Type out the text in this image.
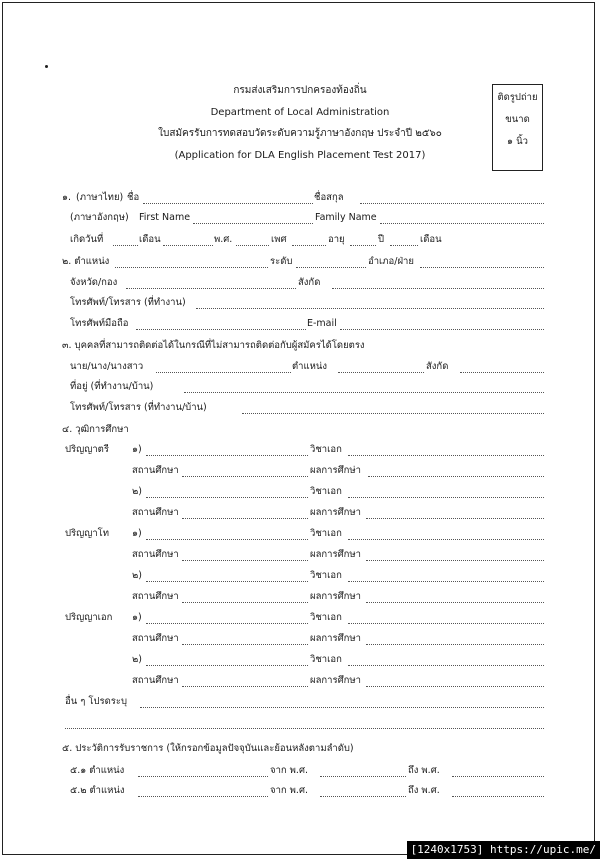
กรมส่งเสริมการปกครองท้องถิ่น
Department of Local Administration
ใบสมัครรับการทดสอบวัดระดับความรู้ภาษาอังกฤษ ประจำปี ๒๕๖๐
(Application for DLA English Placement Test 2017)
ติดรูปถ่าย
ขนาด
๑ นิ้ว
๑. (ภาษาไทย) ชื่อ	ชื่อสกุล
(ภาษาอังกฤษ) First Name	Family Name
เกิดวันที่	เดือน	พ.ศ.	เพศ	อายุ	ปี	เดือน
๒. ตำแหน่ง	ระดับ	อำเภอ/ฝ่าย
จังหวัด/กอง	สังกัด
โทรศัพท์/โทรสาร (ที่ทำงาน)
โทรศัพท์มือถือ	E-mail
๓. บุคคลที่สามารถติดต่อได้ในกรณีที่ไม่สามารถติดต่อกับผู้สมัครได้โดยตรง
นาย/นาง/นางสาว	ตำแหน่ง	สังกัด
ที่อยู่ (ที่ทำงาน/บ้าน)
โทรศัพท์/โทรสาร (ที่ทำงาน/บ้าน)
๔. วุฒิการศึกษา
ปริญญาตรี ๑)	วิชาเอก
สถานศึกษา	ผลการศึกษ่า
๒)	วิชาเอก
สถานศึกษา	ผลการศึกษา
ปริญญาโท ๑)	วิชาเอก
สถานศึกษา	ผลการศึกษา
๒)	วิชาเอก
สถานศึกษา	ผลการศึกษา
ปริญญาเอก ๑)	วิชาเอก
สถานศึกษา	ผลการศึกษา
๒)	วิชาเอก
สถานศึกษา	ผลการศึกษา
อื่น ๆ โปรดระบุ
๕. ประวัติการรับราชการ (ให้กรอกข้อมูลปัจจุบันและย้อนหลังตามลำดับ)
๕.๑ ตำแหน่ง	จาก พ.ศ.	ถึง พ.ศ.
๕.๒ ตำแหน่ง	จาก พ.ศ.	ถึง พ.ศ.
[1240x1753] https://upic.me/
